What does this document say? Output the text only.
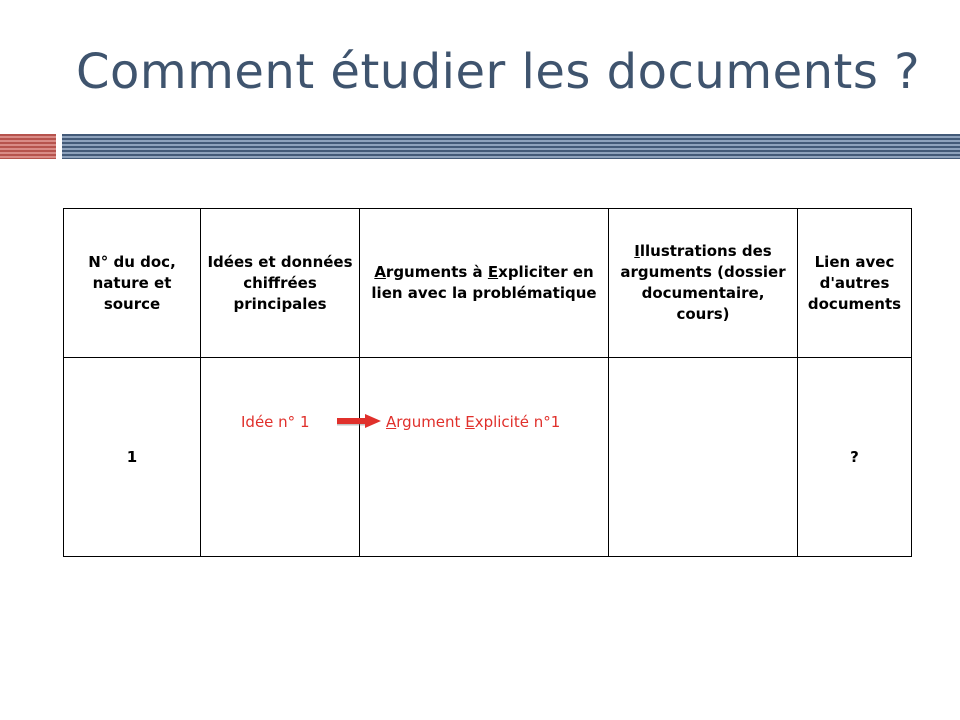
Comment étudier les documents ?
N° du doc, nature et source	Idées et données chiffrées principales	Arguments à Expliciter en lien avec la problématique	Illustrations des arguments (dossier documentaire, cours)	Lien avec d'autres documents
1	Idée n° 1	Argument Explicité n°1		?
